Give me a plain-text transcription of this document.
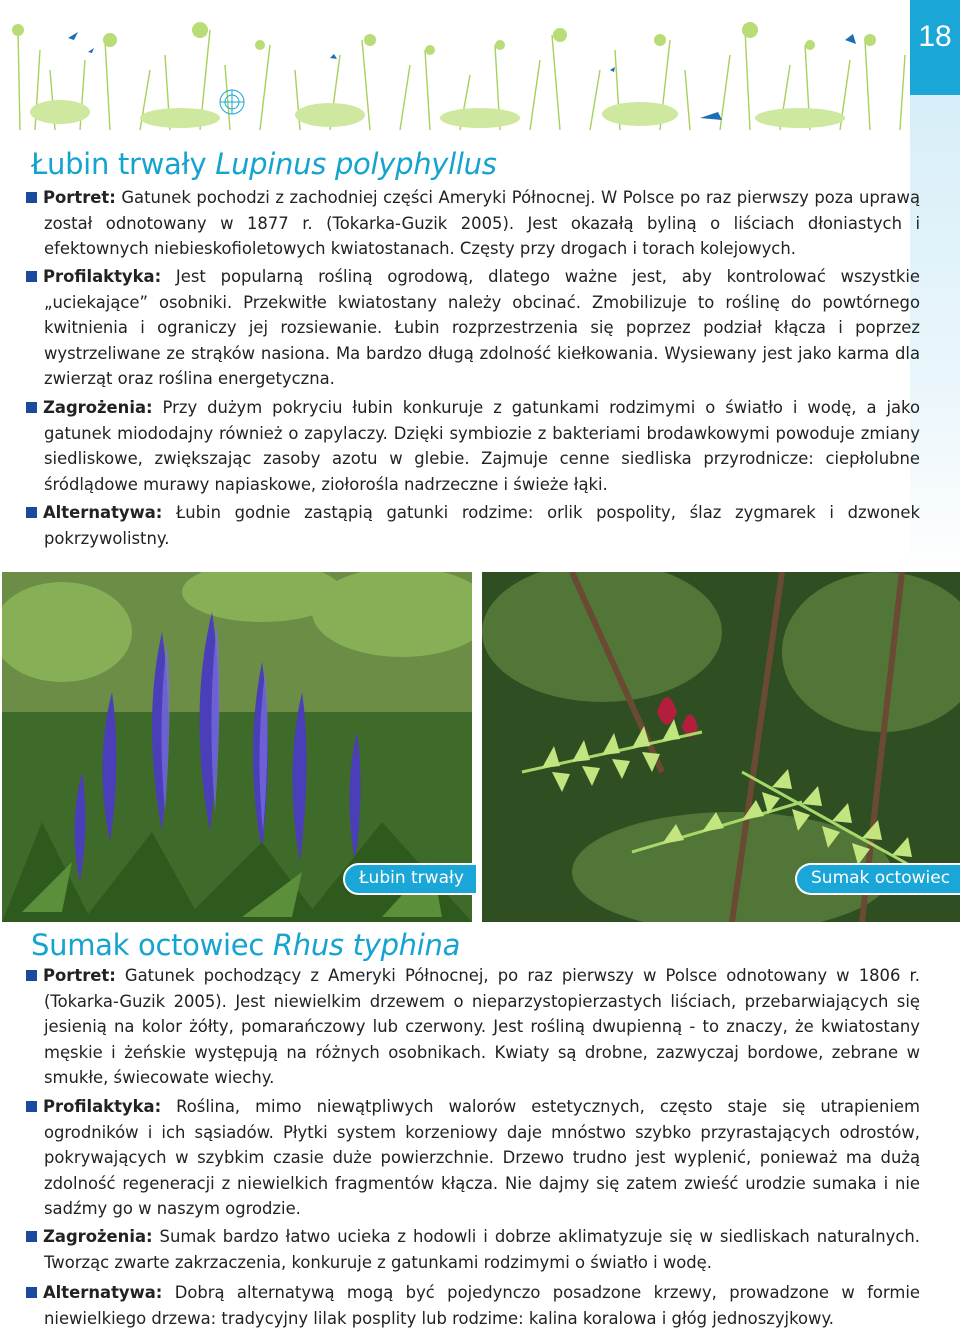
18
Łubin trwały Lupinus polyphyllus
Portret: Gatunek pochodzi z zachodniej części Ameryki Północnej. W Polsce po raz pierwszy poza uprawą został odnotowany w 1877 r. (Tokarka-Guzik 2005). Jest okazałą byliną o liściach dłoniastych i efektownych niebieskofioletowych kwiatostanach. Częsty przy drogach i torach kolejowych.
Profilaktyka: Jest popularną rośliną ogrodową, dlatego ważne jest, aby kontrolować wszystkie „uciekające” osobniki. Przekwitłe kwiatostany należy obcinać. Zmobilizuje to roślinę do powtórnego kwitnienia i ograniczy jej rozsiewanie. Łubin rozprzestrzenia się poprzez podział kłącza i poprzez wystrzeliwane ze strąków nasiona. Ma bardzo długą zdolność kiełkowania. Wysiewany jest jako karma dla zwierząt oraz roślina energetyczna.
Zagrożenia: Przy dużym pokryciu łubin konkuruje z gatunkami rodzimymi o światło i wodę, a jako gatunek miododajny również o zapylaczy. Dzięki symbiozie z bakteriami brodawkowymi powoduje zmiany siedliskowe, zwiększając zasoby azotu w glebie. Zajmuje cenne siedliska przyrodnicze: ciepłolubne śródlądowe murawy napiaskowe, ziołorośla nadrzeczne i świeże łąki.
Alternatywa: Łubin godnie zastąpią gatunki rodzime: orlik pospolity, ślaz zygmarek i dzwonek pokrzywolistny.
Łubin trwały	Sumak octowiec
Sumak octowiec Rhus typhina
Portret: Gatunek pochodzący z Ameryki Północnej, po raz pierwszy w Polsce odnotowany w 1806 r. (Tokarka-Guzik 2005). Jest niewielkim drzewem o nieparzystopierzastych liściach, przebarwiających się jesienią na kolor żółty, pomarańczowy lub czerwony. Jest rośliną dwupienną - to znaczy, że kwiatostany męskie i żeńskie występują na różnych osobnikach. Kwiaty są drobne, zazwyczaj bordowe, zebrane w smukłe, świecowate wiechy.
Profilaktyka: Roślina, mimo niewątpliwych walorów estetycznych, często staje się utrapieniem ogrodników i ich sąsiadów. Płytki system korzeniowy daje mnóstwo szybko przyrastających odrostów, pokrywających w szybkim czasie duże powierzchnie. Drzewo trudno jest wyplenić, ponieważ ma dużą zdolność regeneracji z niewielkich fragmentów kłącza. Nie dajmy się zatem zwieść urodzie sumaka i nie sadźmy go w naszym ogrodzie.
Zagrożenia: Sumak bardzo łatwo ucieka z hodowli i dobrze aklimatyzuje się w siedliskach naturalnych. Tworząc zwarte zakrzaczenia, konkuruje z gatunkami rodzimymi o światło i wodę.
Alternatywa: Dobrą alternatywą mogą być pojedynczo posadzone krzewy, prowadzone w formie niewielkiego drzewa: tradycyjny lilak posplity lub rodzime: kalina koralowa i głóg jednoszyjkowy.
